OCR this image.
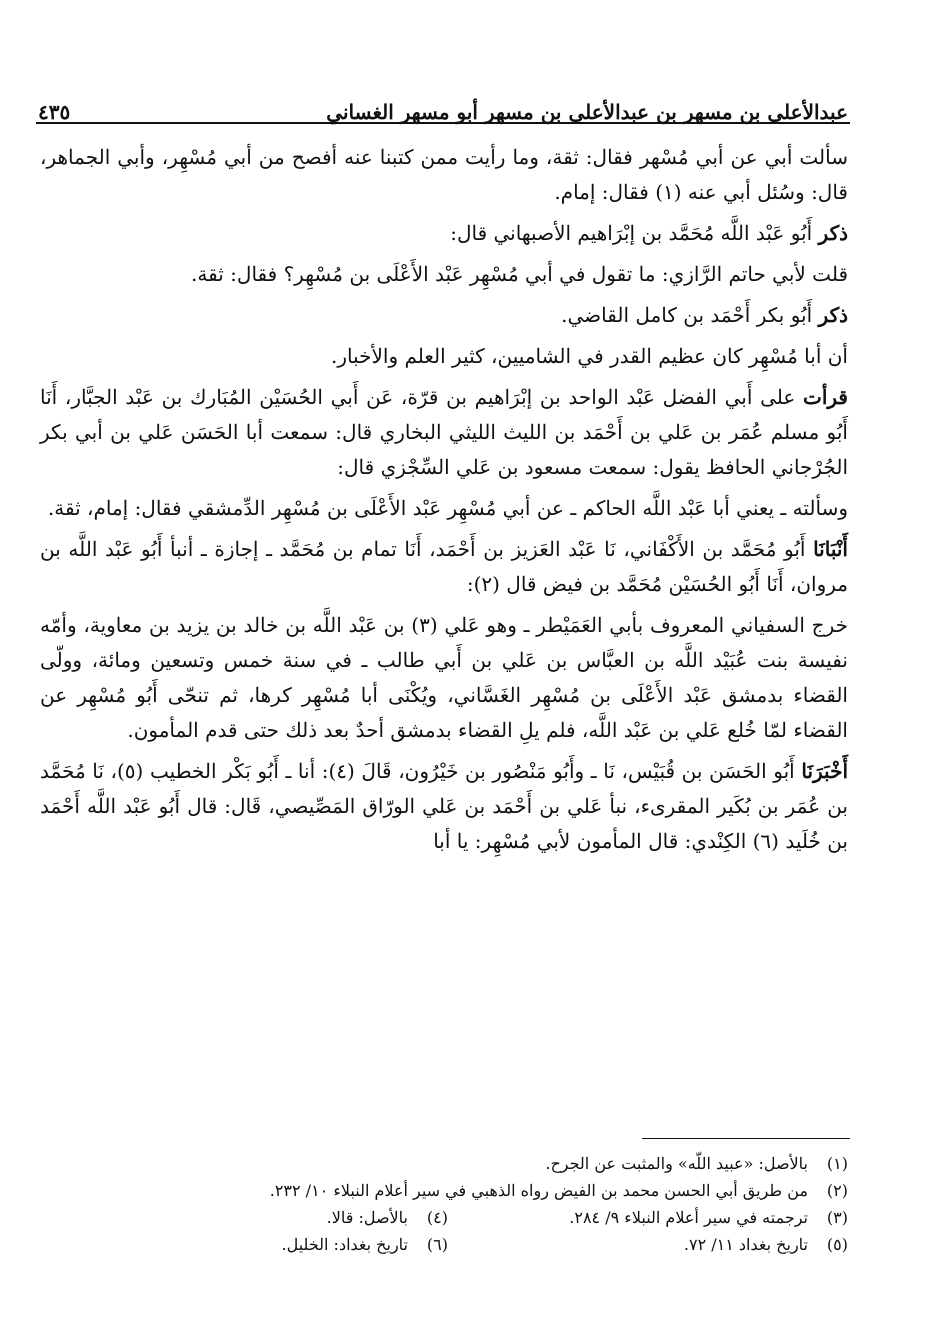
عبدالأعلى بن مسهر بن عبدالأعلى بن مسهر أبو مسهر الغساني
٤٣٥

سألت أبي عن أبي مُسْهر فقال: ثقة، وما رأيت ممن كتبنا عنه أفصح من أبي مُسْهِر، وأبي الجماهر، قال: وسُئل أبي عنه (١) فقال: إمام.

ذكر أَبُو عَبْد اللَّه مُحَمَّد بن إبْرَاهيم الأصبهاني قال:

قلت لأبي حاتم الرَّازي: ما تقول في أبي مُسْهِر عَبْد الأَعْلَى بن مُسْهِر؟ فقال: ثقة.

ذكر أَبُو بكر أَحْمَد بن كامل القاضي.

أن أبا مُسْهِر كان عظيم القدر في الشاميين، كثير العلم والأخبار.

قرأت على أَبي الفضل عَبْد الواحد بن إبْرَاهيم بن قرّة، عَن أَبي الحُسَيْن المُبَارك بن عَبْد الجبَّار، أَنَا أَبُو مسلم عُمَر بن عَلي بن أَحْمَد بن الليث الليثي البخاري قال: سمعت أبا الحَسَن عَلي بن أبي بكر الجُرْجاني الحافظ يقول: سمعت مسعود بن عَلي السِّجْزي قال:

وسألته ـ يعني أبا عَبْد اللَّه الحاكم ـ عن أبي مُسْهِر عَبْد الأَعْلَى بن مُسْهِر الدِّمشقي فقال: إمام، ثقة.

أَنْبَانَا أَبُو مُحَمَّد بن الأَكْفَاني، نَا عَبْد العَزيز بن أَحْمَد، أَنَا تمام بن مُحَمَّد ـ إجازة ـ أنبأ أَبُو عَبْد اللَّه بن مروان، أَنَا أَبُو الحُسَيْن مُحَمَّد بن فيض قال (٢):

خرج السفياني المعروف بأبي العَمَيْطر ـ وهو عَلي (٣) بن عَبْد اللَّه بن خالد بن يزيد بن معاوية، وأمّه نفيسة بنت عُبَيْد اللَّه بن العبَّاس بن عَلي بن أَبي طالب ـ في سنة خمس وتسعين ومائة، وولّى القضاء بدمشق عَبْد الأَعْلَى بن مُسْهِر الغَسَّاني، ويُكْنَى أبا مُسْهِر كرها، ثم تنحّى أَبُو مُسْهِر عن القضاء لمّا خُلع عَلي بن عَبْد اللَّه، فلم يلِ القضاء بدمشق أحدٌ بعد ذلك حتى قدم المأمون.

أَخْبَرَنَا أَبُو الحَسَن بن قُبَيْس، نَا ـ وأَبُو مَنْصُور بن خَيْرُون، قَالَ (٤): أنا ـ أَبُو بَكْر الخطيب (٥)، نَا مُحَمَّد بن عُمَر بن بُكَير المقرىء، نبأ عَلي بن أَحْمَد بن عَلي الورّاق المَصِّيصي، قَال: قال أَبُو عَبْد اللَّه أَحْمَد بن خُلَيد (٦) الكِنْدي: قال المأمون لأبي مُسْهِر: يا أبا

(١)
بالأصل: «عبيد اللّه» والمثبت عن الجرح.
(٢)
من طريق أبي الحسن محمد بن الفيض رواه الذهبي في سير أعلام النبلاء ١٠/ ٢٣٢.
(٣)
ترجمته في سير أعلام النبلاء ٩/ ٢٨٤.
(٤)
بالأصل: قالا.
(٥)
تاريخ بغداد ١١/ ٧٢.
(٦)
تاريخ بغداد: الخليل.
